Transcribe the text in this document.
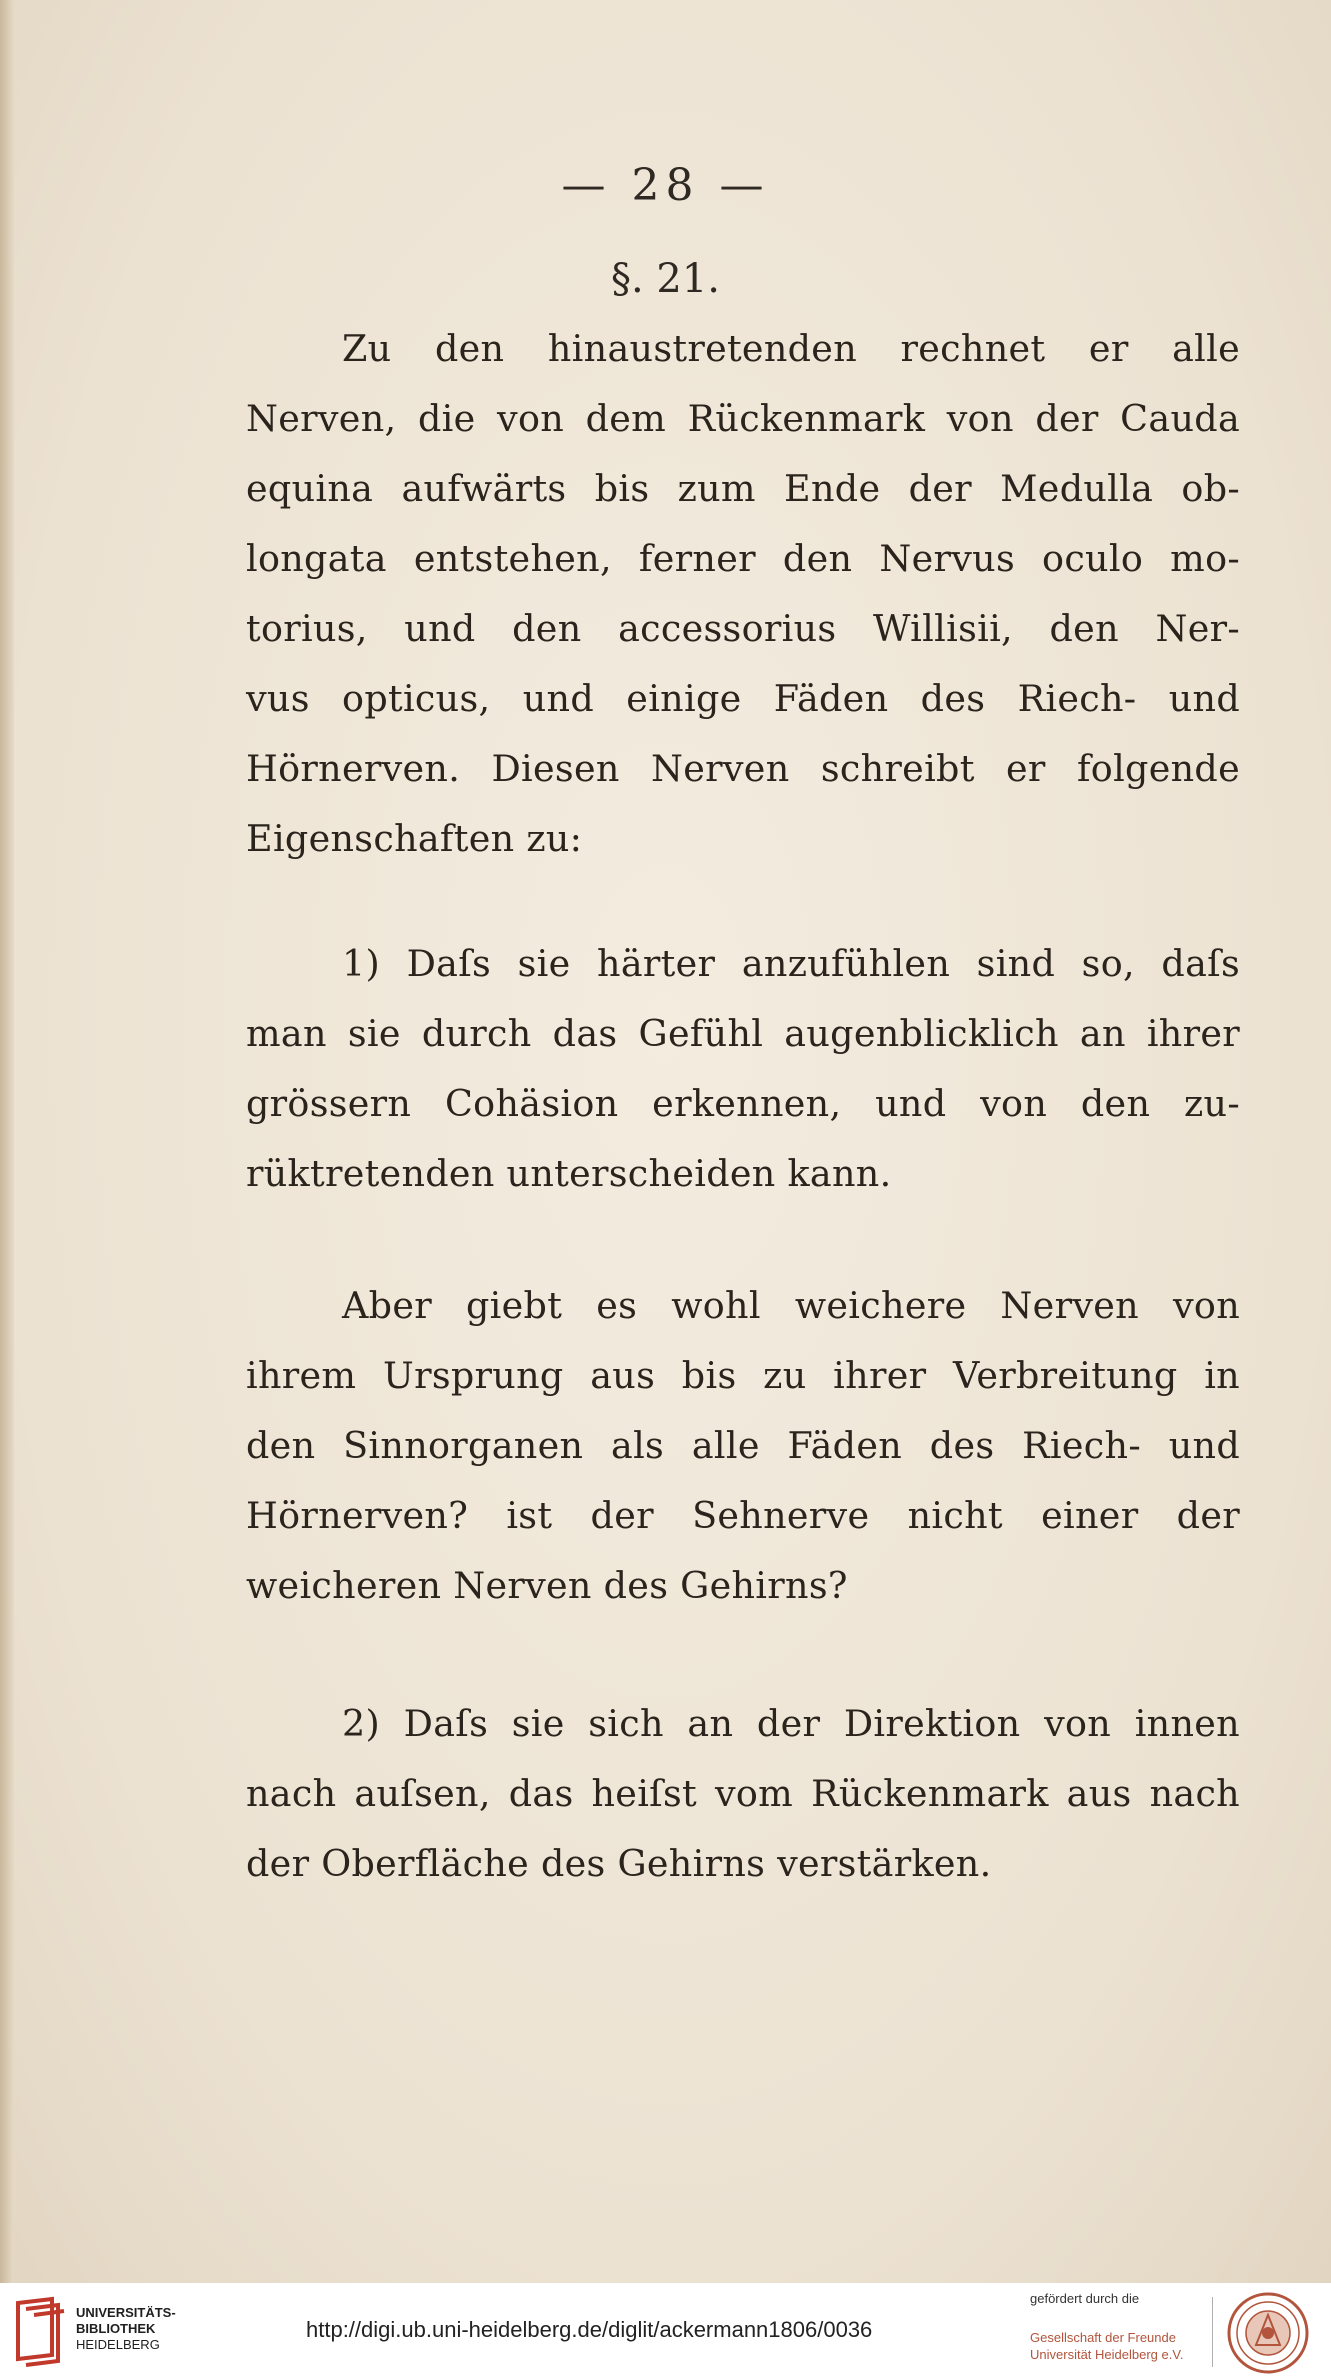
— 28 —
§. 21.
Zu den hinaustretenden rechnet er alle
Nerven, die von dem Rückenmark von der Cauda
equina aufwärts bis zum Ende der Medulla ob-
longata entstehen, ferner den Nervus oculo mo-
torius, und den accessorius Willisii, den Ner-
vus opticus, und einige Fäden des Riech- und
Hörnerven. Diesen Nerven schreibt er folgende
Eigenschaften zu:
1) Daſs sie härter anzufühlen sind so, daſs
man sie durch das Gefühl augenblicklich an ihrer
grössern Cohäsion erkennen, und von den zu-
rüktretenden unterscheiden kann.
Aber giebt es wohl weichere Nerven von
ihrem Ursprung aus bis zu ihrer Verbreitung in
den Sinnorganen als alle Fäden des Riech- und
Hörnerven? ist der Sehnerve nicht einer der
weicheren Nerven des Gehirns?
2) Daſs sie sich an der Direktion von innen
nach auſsen, das heiſst vom Rückenmark aus nach
der Oberfläche des Gehirns verstärken.
UNIVERSITÄTS-
BIBLIOTHEK
HEIDELBERG
http://digi.ub.uni-heidelberg.de/diglit/ackermann1806/0036
gefördert durch die
Gesellschaft der Freunde
Universität Heidelberg e.V.
